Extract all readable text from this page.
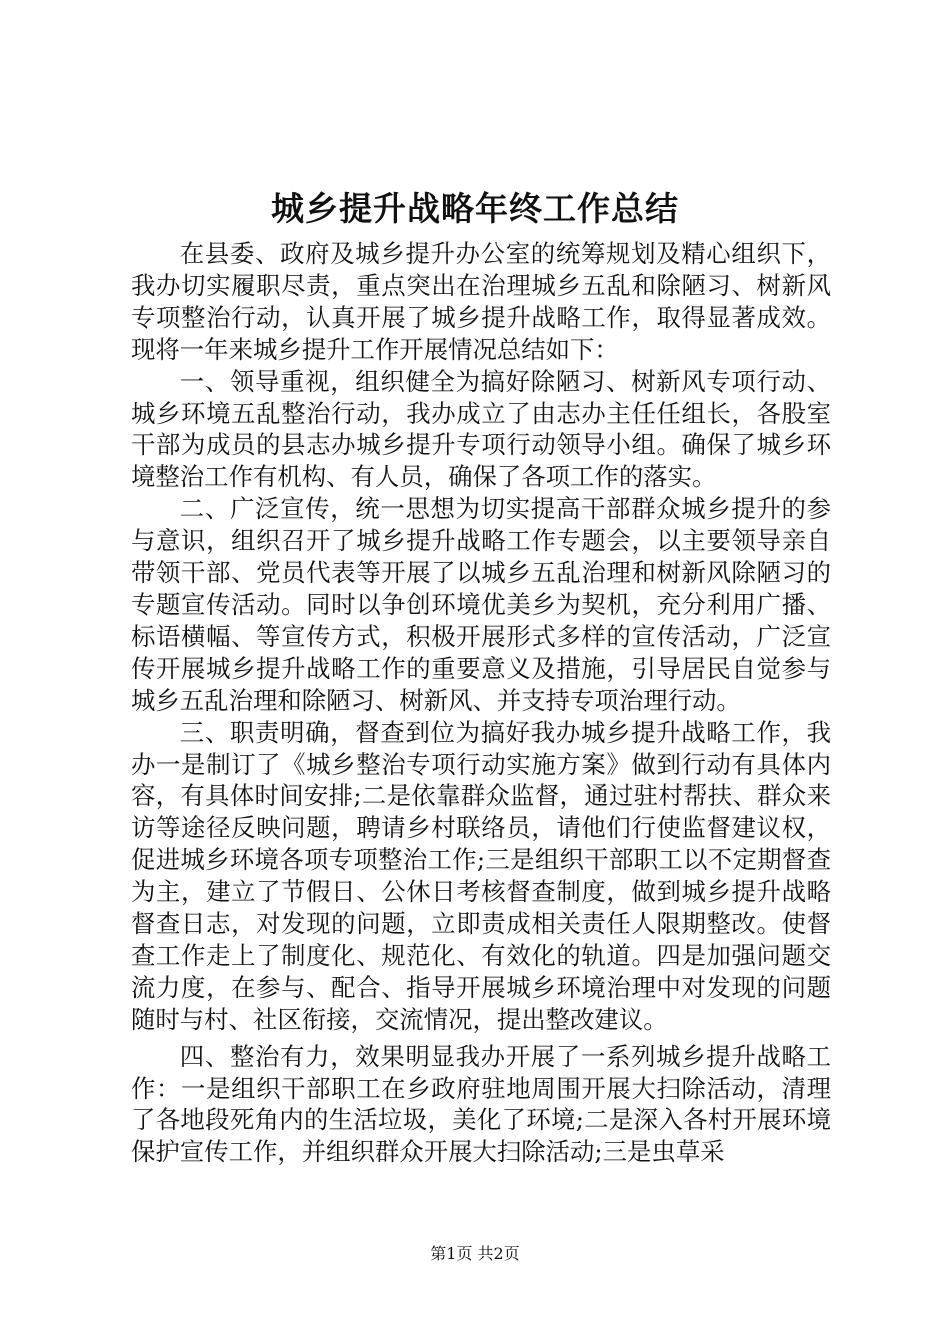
城乡提升战略年终工作总结

在县委、政府及城乡提升办公室的统筹规划及精心组织下，我办切实履职尽责，重点突出在治理城乡五乱和除陋习、树新风专项整治行动，认真开展了城乡提升战略工作，取得显著成效。现将一年来城乡提升工作开展情况总结如下：

一、领导重视，组织健全为搞好除陋习、树新风专项行动、城乡环境五乱整治行动，我办成立了由志办主任任组长，各股室干部为成员的县志办城乡提升专项行动领导小组。确保了城乡环境整治工作有机构、有人员，确保了各项工作的落实。

二、广泛宣传，统一思想为切实提高干部群众城乡提升的参与意识，组织召开了城乡提升战略工作专题会，以主要领导亲自带领干部、党员代表等开展了以城乡五乱治理和树新风除陋习的专题宣传活动。同时以争创环境优美乡为契机，充分利用广播、标语横幅、等宣传方式，积极开展形式多样的宣传活动，广泛宣传开展城乡提升战略工作的重要意义及措施，引导居民自觉参与城乡五乱治理和除陋习、树新风、并支持专项治理行动。

三、职责明确，督查到位为搞好我办城乡提升战略工作，我办一是制订了《城乡整治专项行动实施方案》做到行动有具体内容，有具体时间安排;二是依靠群众监督，通过驻村帮扶、群众来访等途径反映问题，聘请乡村联络员，请他们行使监督建议权，促进城乡环境各项专项整治工作;三是组织干部职工以不定期督查为主，建立了节假日、公休日考核督查制度，做到城乡提升战略督查日志，对发现的问题，立即责成相关责任人限期整改。使督查工作走上了制度化、规范化、有效化的轨道。四是加强问题交流力度，在参与、配合、指导开展城乡环境治理中对发现的问题随时与村、社区衔接，交流情况，提出整改建议。

四、整治有力，效果明显我办开展了一系列城乡提升战略工作：一是组织干部职工在乡政府驻地周围开展大扫除活动，清理了各地段死角内的生活垃圾，美化了环境;二是深入各村开展环境保护宣传工作，并组织群众开展大扫除活动;三是虫草采

第1页 共2页
